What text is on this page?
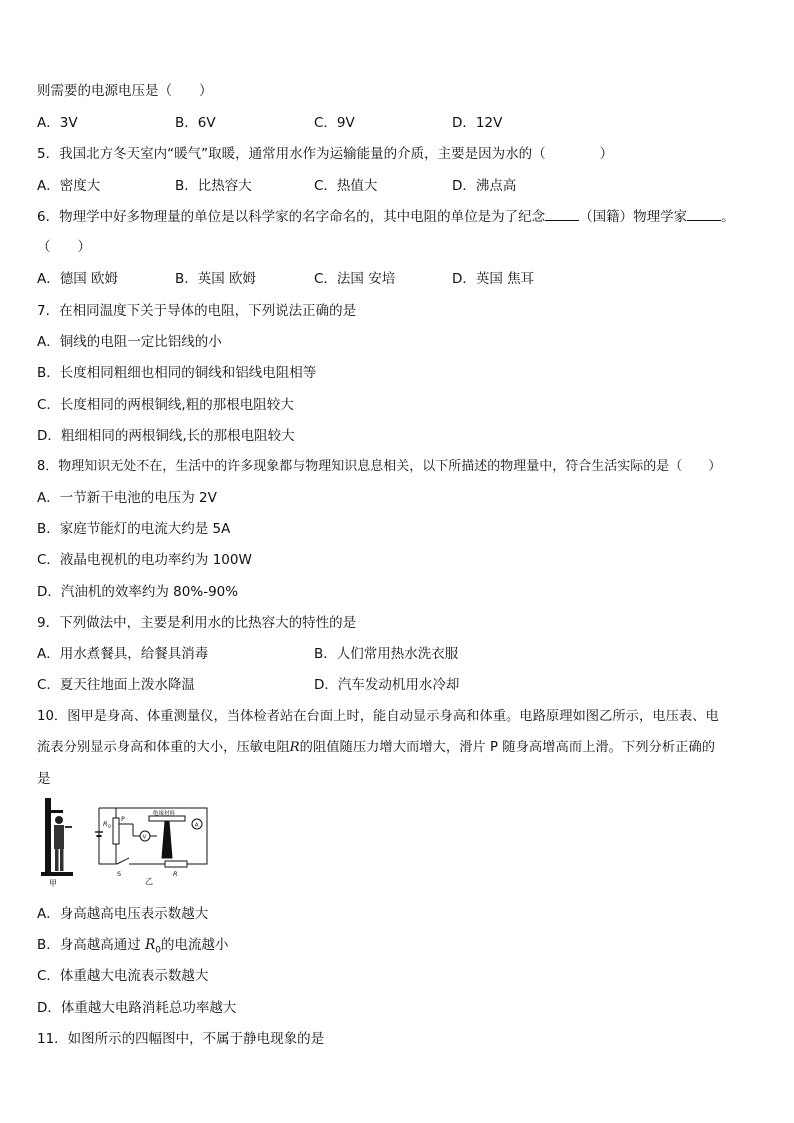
则需要的电源电压是（　　）
A．3V	B．6V	C．9V	D．12V
5．我国北方冬天室内“暖气”取暖，通常用水作为运输能量的介质，主要是因为水的（　　　　）
A．密度大	B．比热容大	C．热值大	D．沸点高
6．物理学中好多物理量的单位是以科学家的名字命名的，其中电阻的单位是为了纪念	（国籍）物理学家	。
（　　）
A．德国 欧姆	B．英国 欧姆	C．法国 安培	D．英国 焦耳
7．在相同温度下关于导体的电阻，下列说法正确的是
A．铜线的电阻一定比铝线的小
B．长度相同粗细也相同的铜线和铝线电阻相等
C．长度相同的两根铜线,粗的那根电阻较大
D．粗细相同的两根铜线,长的那根电阻较大
8．物理知识无处不在，生活中的许多现象都与物理知识息息相关，以下所描述的物理量中，符合生活实际的是（　　）
A．一节新干电池的电压为 2V
B．家庭节能灯的电流大约是 5A
C．液晶电视机的电功率约为 100W
D．汽油机的效率约为 80%-90%
9．下列做法中，主要是利用水的比热容大的特性的是
A．用水煮餐具，给餐具消毒	B．人们常用热水洗衣服
C．夏天往地面上泼水降温	D．汽车发动机用水冷却
10．图甲是身高、体重测量仪，当体检者站在台面上时，能自动显示身高和体重。电路原理如图乙所示，电压表、电
流表分别显示身高和体重的大小，压敏电阻R的阻值随压力增大而增大，滑片 P 随身高增高而上滑。下列分析正确的
是
甲
R 0
P
绝缘材料
V
A
S	R
乙
A．身高越高电压表示数越大
B．身高越高通过 $R_0$的电流越小
C．体重越大电流表示数越大
D．体重越大电路消耗总功率越大
11．如图所示的四幅图中，不属于静电现象的是
